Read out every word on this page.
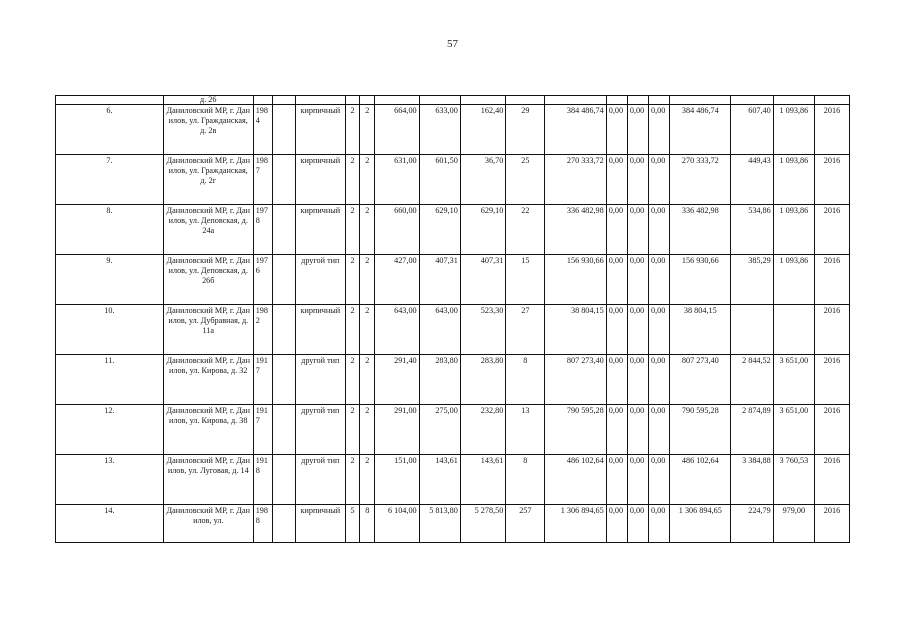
57
	д. 26																	
6.	Даниловский МР, г. Данилов, ул. Гражданская, д. 2в	1984		кирпичный	2	2	664,00	633,00	162,40	29	384 486,74	0,00	0,00	0,00	384 486,74	607,40	1 093,86	2016
7.	Даниловский МР, г. Данилов, ул. Гражданская, д. 2г	1987		кирпичный	2	2	631,00	601,50	36,70	25	270 333,72	0,00	0,00	0,00	270 333,72	449,43	1 093,86	2016
8.	Даниловский МР, г. Данилов, ул. Деповская, д. 24а	1978		кирпичный	2	2	660,00	629,10	629,10	22	336 482,98	0,00	0,00	0,00	336 482,98	534,86	1 093,86	2016
9.	Даниловский МР, г. Данилов, ул. Деповская, д. 26б	1976		другой тип	2	2	427,00	407,31	407,31	15	156 930,66	0,00	0,00	0,00	156 930,66	385,29	1 093,86	2016
10.	Даниловский МР, г. Данилов, ул. Дубравная, д. 11а	1982		кирпичный	2	2	643,00	643,00	523,30	27	38 804,15	0,00	0,00	0,00	38 804,15			2016
11.	Даниловский МР, г. Данилов, ул. Кирова, д. 32	1917		другой тип	2	2	291,40	283,80	283,80	8	807 273,40	0,00	0,00	0,00	807 273,40	2 844,52	3 651,00	2016
12.	Даниловский МР, г. Данилов, ул. Кирова, д. 38	1917		другой тип	2	2	291,00	275,00	232,80	13	790 595,28	0,00	0,00	0,00	790 595,28	2 874,89	3 651,00	2016
13.	Даниловский МР, г. Данилов, ул. Луговая, д. 14	1918		другой тип	2	2	151,00	143,61	143,61	8	486 102,64	0,00	0,00	0,00	486 102,64	3 384,88	3 760,53	2016
14.	Даниловский МР, г. Данилов, ул.	1988		кирпичный	5	8	6 104,00	5 813,80	5 278,50	257	1 306 894,65	0,00	0,00	0,00	1 306 894,65	224,79	979,00	2016
